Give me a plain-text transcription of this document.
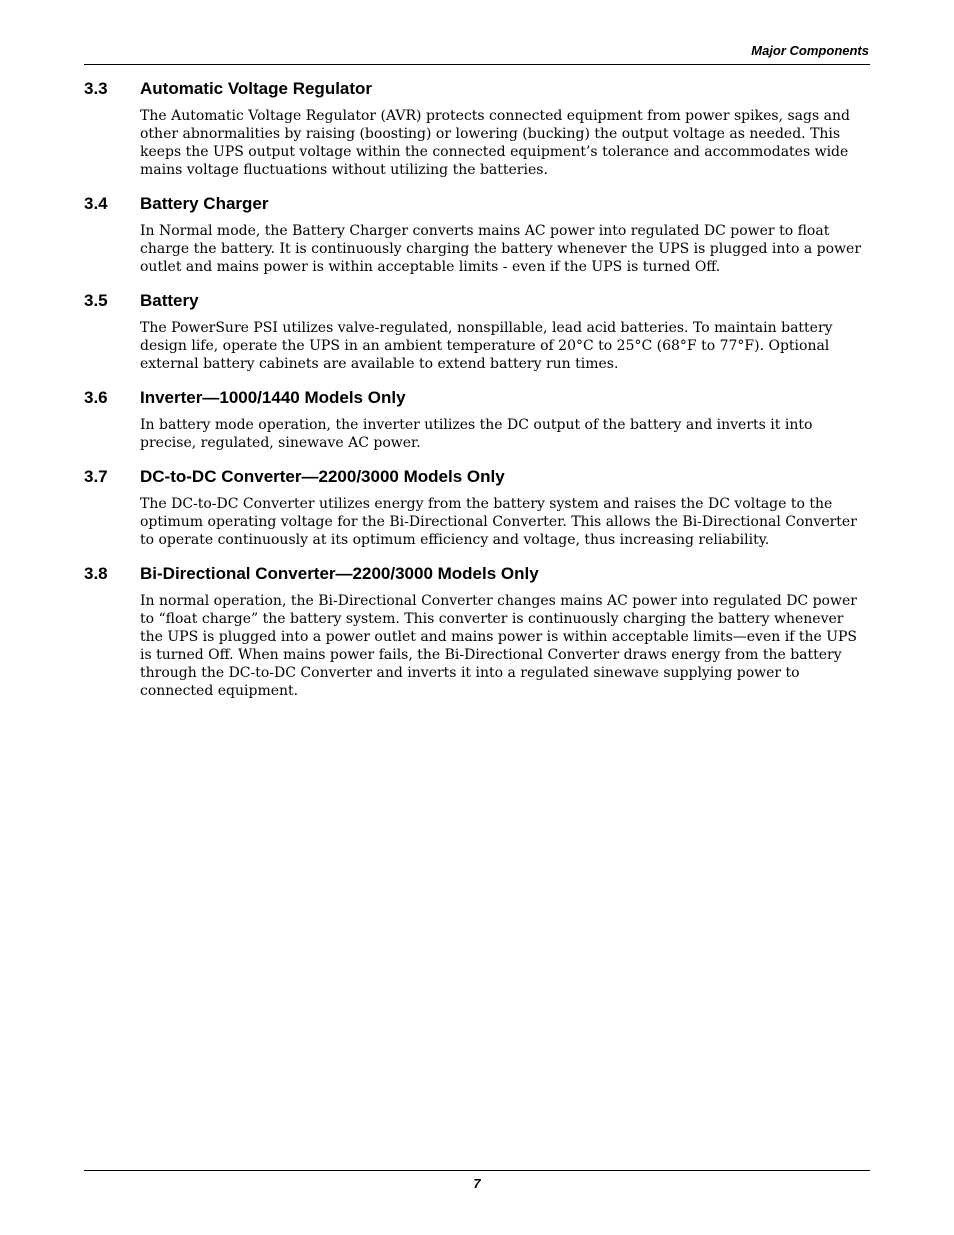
Major Components
3.3 Automatic Voltage Regulator

The Automatic Voltage Regulator (AVR) protects connected equipment from power spikes, sags and other abnormalities by raising (boosting) or lowering (bucking) the output voltage as needed. This keeps the UPS output voltage within the connected equipment’s tolerance and accommodates wide mains voltage fluctuations without utilizing the batteries.

3.4 Battery Charger

In Normal mode, the Battery Charger converts mains AC power into regulated DC power to float charge the battery. It is continuously charging the battery whenever the UPS is plugged into a power outlet and mains power is within acceptable limits - even if the UPS is turned Off.

3.5 Battery

The PowerSure PSI utilizes valve-regulated, nonspillable, lead acid batteries. To maintain battery design life, operate the UPS in an ambient temperature of 20°C to 25°C (68°F to 77°F). Optional external battery cabinets are available to extend battery run times.

3.6 Inverter—1000/1440 Models Only

In battery mode operation, the inverter utilizes the DC output of the battery and inverts it into precise, regulated, sinewave AC power.

3.7 DC-to-DC Converter—2200/3000 Models Only

The DC-to-DC Converter utilizes energy from the battery system and raises the DC voltage to the optimum operating voltage for the Bi-Directional Converter. This allows the Bi-Directional Converter to operate continuously at its optimum efficiency and voltage, thus increasing reliability.

3.8 Bi-Directional Converter—2200/3000 Models Only

In normal operation, the Bi-Directional Converter changes mains AC power into regulated DC power to “float charge” the battery system. This converter is continuously charging the battery whenever the UPS is plugged into a power outlet and mains power is within acceptable limits—even if the UPS is turned Off. When mains power fails, the Bi-Directional Converter draws energy from the battery through the DC-to-DC Converter and inverts it into a regulated sinewave supplying power to connected equipment.

7
